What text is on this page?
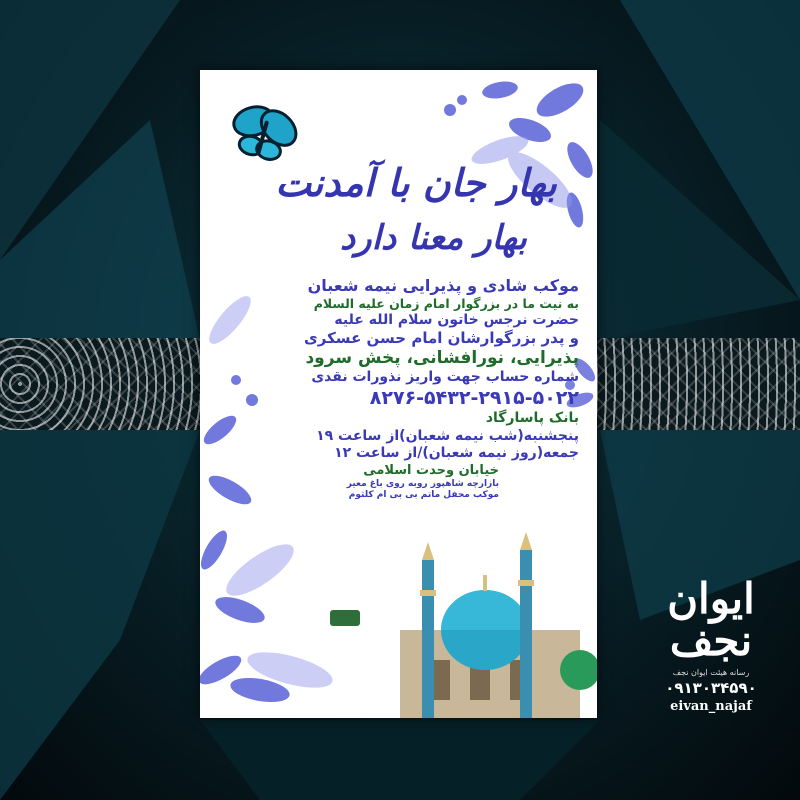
بهار جان با آمدنت
بهار معنا دارد
موکب شادی و پذیرایی نیمه شعبان
به نیت ما در بزرگوار امام زمان علیه السلام
حضرت نرجس خاتون سلام الله علیه
و پدر بزرگوارشان امام حسن عسکری
پذیرایی، نورافشانی، پخش سرود
شماره حساب جهت واریز نذورات نقدی
۸۲۷۶-۵۴۳۲-۲۹۱۵-۵۰۲۲
بانک پاسارگاد
پنجشنبه(شب نیمه شعبان)از ساعت ۱۹
جمعه(روز نیمه شعبان)/از ساعت ۱۲
خیابان وحدت اسلامی
بازارچه شاهپور روبه روی باغ معیر
موکب محفل ماتم بی بی ام کلثوم
ایوان نجف
رسانه هیئت ایوان نجف
۰۹۱۳۰۳۴۵۹۰
eivan_najaf
